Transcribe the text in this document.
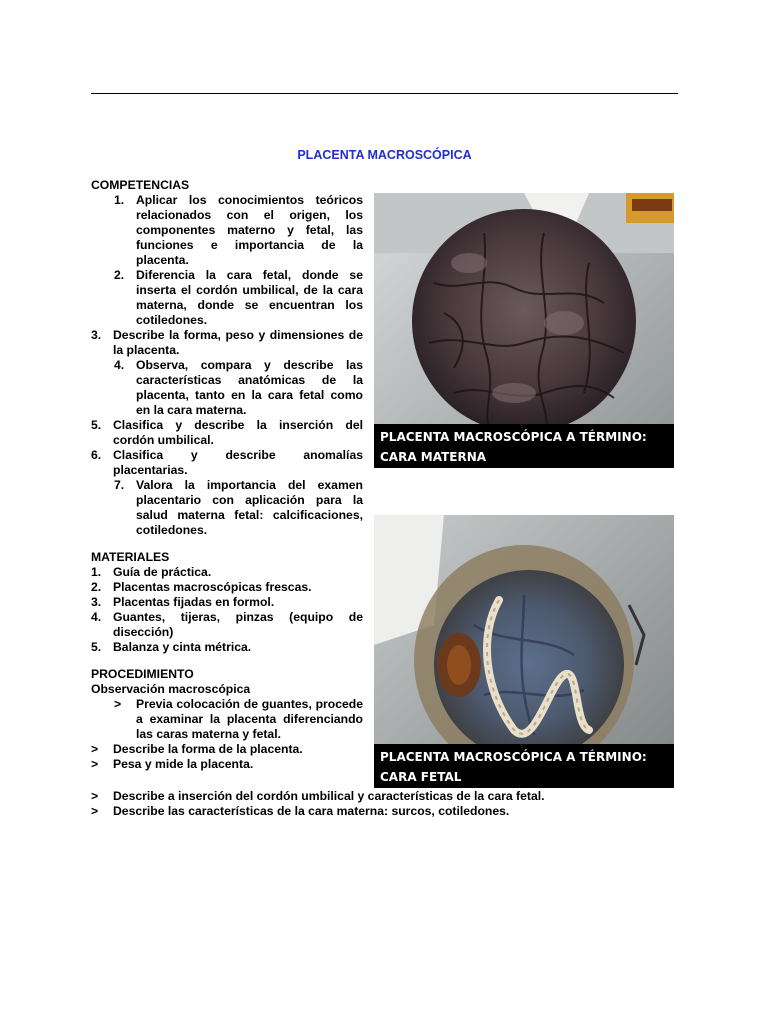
PLACENTA MACROSCÓPICA
COMPETENCIAS
1. Aplicar los conocimientos teóricos relacionados con el origen, los componentes materno y fetal, las funciones e importancia de la placenta.
2. Diferencia la cara fetal, donde se inserta el cordón umbilical, de la cara materna, donde se encuentran los cotiledones.
3. Describe la forma, peso y dimensiones de la placenta.
4. Observa, compara y describe las características anatómicas de la placenta, tanto en la cara fetal como en la cara materna.
5. Clasifica y describe la inserción del cordón umbilical.
6. Clasifica y describe anomalías placentarias.
7. Valora la importancia del examen placentario con aplicación para la salud materna fetal: calcificaciones, cotiledones.
MATERIALES
1. Guía de práctica.
2. Placentas macroscópicas frescas.
3. Placentas fijadas en formol.
4. Guantes, tijeras, pinzas (equipo de disección)
5. Balanza y cinta métrica.
PROCEDIMIENTO
Observación macroscópica
>	Previa colocación de guantes, procede a examinar la placenta diferenciando las caras materna y fetal.
>	Describe la forma de la placenta.
>	Pesa y mide la placenta.
>	Describe a inserción del cordón umbilical y características de la cara fetal.
>	Describe las características de la cara materna: surcos, cotiledones.
PLACENTA MACROSCÓPICA A TÉRMINO:
CARA MATERNA
PLACENTA MACROSCÓPICA A TÉRMINO:
CARA FETAL
